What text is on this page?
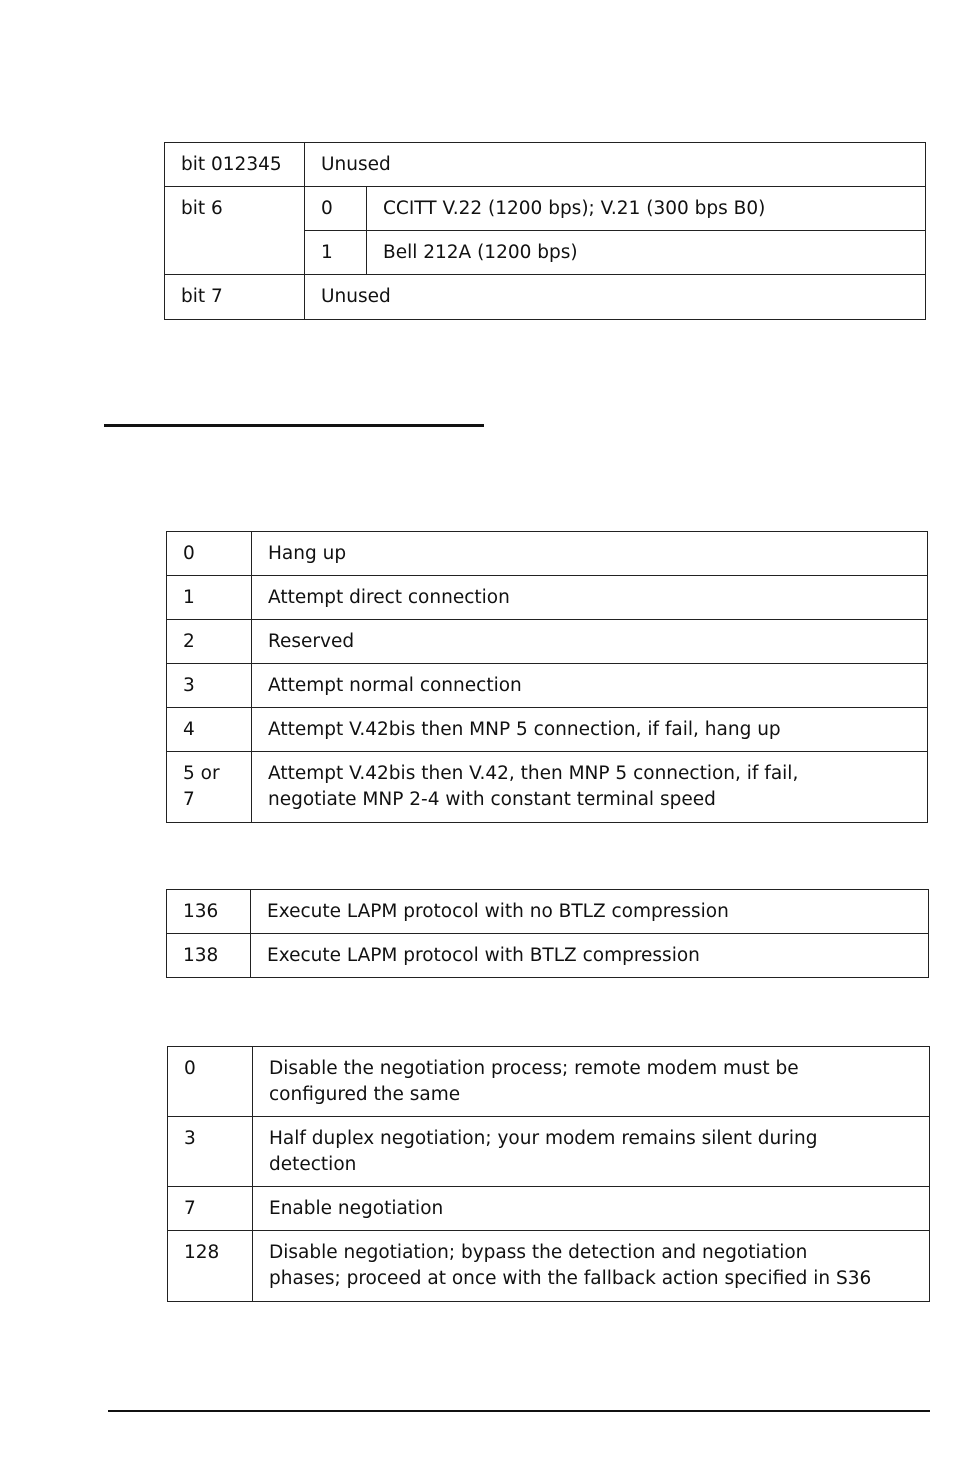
bit 012345	Unused	
bit 6	0	CCITT V.22 (1200 bps); V.21 (300 bps B0)
	1	Bell 212A (1200 bps)
bit 7	Unused	
0	Hang up
1	Attempt direct connection
2	Reserved
3	Attempt normal connection
4	Attempt V.42bis then MNP 5 connection, if fail, hang up
5 or 7	Attempt V.42bis then V.42, then MNP 5 connection, if fail,
negotiate MNP 2-4 with constant terminal speed
136	Execute LAPM protocol with no BTLZ compression
138	Execute LAPM protocol with BTLZ compression
0	Disable the negotiation process; remote modem must be
configured the same

3	Half duplex negotiation; your modem remains silent during
detection

7	Enable negotiation
128	Disable negotiation; bypass the detection and negotiation
phases; proceed at once with the fallback action specified in S36
